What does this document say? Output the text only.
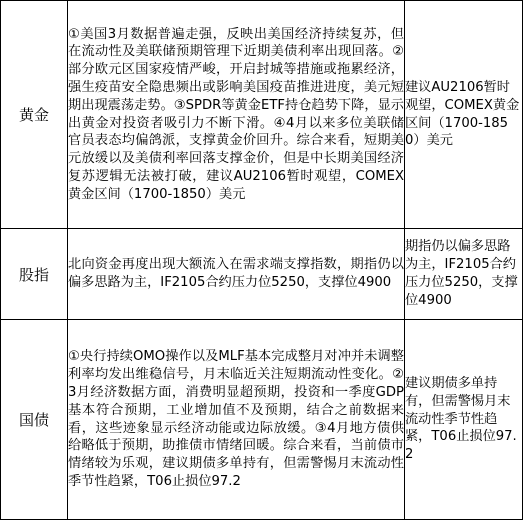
黄金	①美国3月数据普遍走强，反映出美国经济持续复苏，但在流动性及美联储预期管理下近期美债利率出现回落。②部分欧元区国家疫情严峻，开启封城等措施或拖累经济，强生疫苗安全隐患频出或影响美国疫苗推进进度，美元短期出现震荡走势。③SPDR等黄金ETF持仓趋势下降，显示出黄金对投资者吸引力不断下滑。④4月以来多位美联储官员表态均偏鸽派，支撑黄金价回升。综合来看，短期美元放缓以及美债利率回落支撑金价，但是中长期美国经济复苏逻辑无法被打破，建议AU2106暂时观望，COMEX黄金区间（1700-1850）美元	建议AU2106暂时观望，COMEX黄金区间（1700-1850）美元
股指	北向资金再度出现大额流入在需求端支撑指数，期指仍以偏多思路为主，IF2105合约压力位5250，支撑位4900	期指仍以偏多思路为主，IF2105合约压力位5250，支撑位4900
国债	①央行持续OMO操作以及MLF基本完成整月对冲并未调整利率均发出维稳信号，月末临近关注短期流动性变化。②3月经济数据方面，消费明显超预期，投资和一季度GDP基本符合预期，工业增加值不及预期，结合之前数据来看，这些迹象显示经济动能或边际放缓。③4月地方债供给略低于预期，助推债市情绪回暖。综合来看，当前债市情绪较为乐观，建议期债多单持有，但需警惕月末流动性季节性趋紧，T06止损位97.2	建议期债多单持有，但需警惕月末流动性季节性趋紧，T06止损位97.2
